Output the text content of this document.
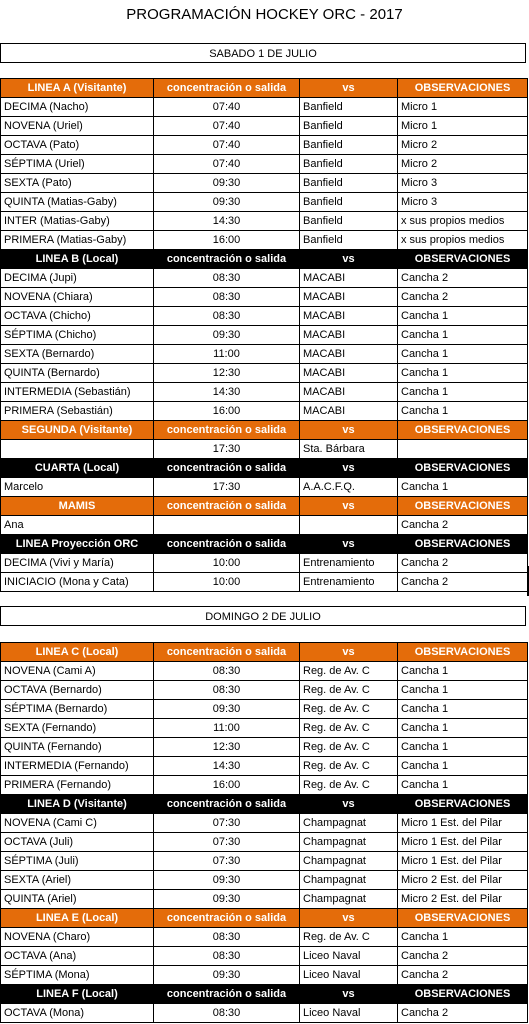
PROGRAMACIÓN HOCKEY ORC - 2017
SABADO 1 DE JULIO
LINEA A (Visitante)	concentración o salida	vs	OBSERVACIONES
DECIMA (Nacho)	07:40	Banfield	Micro 1
NOVENA (Uriel)	07:40	Banfield	Micro 1
OCTAVA (Pato)	07:40	Banfield	Micro 2
SÉPTIMA (Uriel)	07:40	Banfield	Micro 2
SEXTA (Pato)	09:30	Banfield	Micro 3
QUINTA (Matias-Gaby)	09:30	Banfield	Micro 3
INTER (Matias-Gaby)	14:30	Banfield	x sus propios medios
PRIMERA (Matias-Gaby)	16:00	Banfield	x sus propios medios
LINEA B (Local)	concentración o salida	vs	OBSERVACIONES
DECIMA (Jupi)	08:30	MACABI	Cancha 2
NOVENA (Chiara)	08:30	MACABI	Cancha 2
OCTAVA (Chicho)	08:30	MACABI	Cancha 1
SÉPTIMA (Chicho)	09:30	MACABI	Cancha 1
SEXTA (Bernardo)	11:00	MACABI	Cancha 1
QUINTA (Bernardo)	12:30	MACABI	Cancha 1
INTERMEDIA (Sebastián)	14:30	MACABI	Cancha 1
PRIMERA (Sebastián)	16:00	MACABI	Cancha 1
SEGUNDA (Visitante)	concentración o salida	vs	OBSERVACIONES
	17:30	Sta. Bárbara	
CUARTA (Local)	concentración o salida	vs	OBSERVACIONES
Marcelo	17:30	A.A.C.F.Q.	Cancha 1
MAMIS	concentración o salida	vs	OBSERVACIONES
Ana			Cancha 2
LINEA Proyección ORC	concentración o salida	vs	OBSERVACIONES
DECIMA (Vivi y María)	10:00	Entrenamiento	Cancha 2
INICIACIO (Mona y Cata)	10:00	Entrenamiento	Cancha 2
DOMINGO 2 DE JULIO
LINEA C (Local)	concentración o salida	vs	OBSERVACIONES
NOVENA (Cami A)	08:30	Reg. de Av. C	Cancha 1
OCTAVA (Bernardo)	08:30	Reg. de Av. C	Cancha 1
SÉPTIMA (Bernardo)	09:30	Reg. de Av. C	Cancha 1
SEXTA (Fernando)	11:00	Reg. de Av. C	Cancha 1
QUINTA (Fernando)	12:30	Reg. de Av. C	Cancha 1
INTERMEDIA (Fernando)	14:30	Reg. de Av. C	Cancha 1
PRIMERA (Fernando)	16:00	Reg. de Av. C	Cancha 1
LINEA D (Visitante)	concentración o salida	vs	OBSERVACIONES
NOVENA (Cami C)	07:30	Champagnat	Micro 1 Est. del Pilar
OCTAVA (Juli)	07:30	Champagnat	Micro 1 Est. del Pilar
SÉPTIMA (Juli)	07:30	Champagnat	Micro 1 Est. del Pilar
SEXTA (Ariel)	09:30	Champagnat	Micro 2 Est. del Pilar
QUINTA (Ariel)	09:30	Champagnat	Micro 2 Est. del Pilar
LINEA E (Local)	concentración o salida	vs	OBSERVACIONES
NOVENA (Charo)	08:30	Reg. de Av. C	Cancha 1
OCTAVA (Ana)	08:30	Liceo Naval	Cancha 2
SÉPTIMA (Mona)	09:30	Liceo Naval	Cancha 2
LINEA F (Local)	concentración o salida	vs	OBSERVACIONES
OCTAVA (Mona)	08:30	Liceo Naval	Cancha 2
